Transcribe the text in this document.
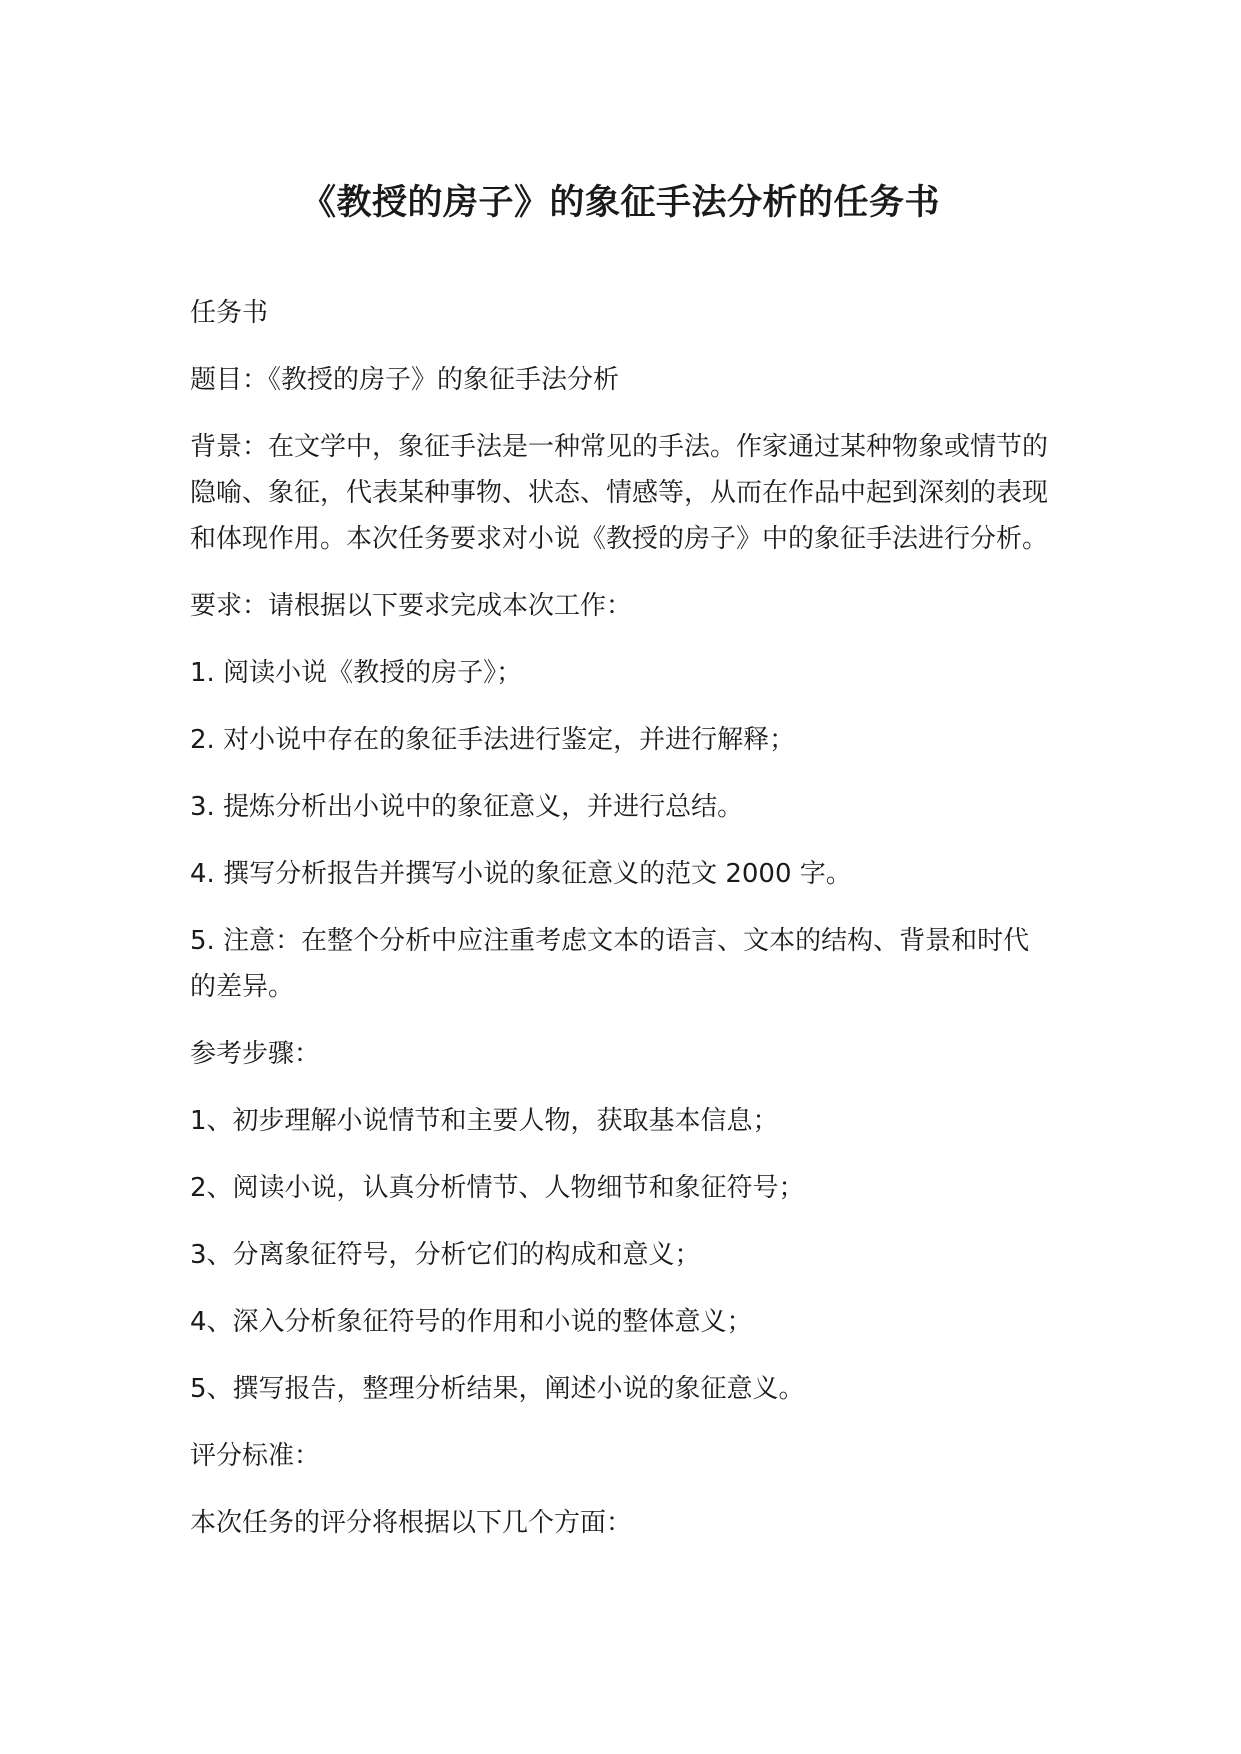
《教授的房子》的象征手法分析的任务书

任务书

题目：《教授的房子》的象征手法分析

背景：在文学中，象征手法是一种常见的手法。作家通过某种物象或情节的隐喻、象征，代表某种事物、状态、情感等，从而在作品中起到深刻的表现和体现作用。本次任务要求对小说《教授的房子》中的象征手法进行分析。

要求：请根据以下要求完成本次工作：

1. 阅读小说《教授的房子》；

2. 对小说中存在的象征手法进行鉴定，并进行解释；

3. 提炼分析出小说中的象征意义，并进行总结。

4. 撰写分析报告并撰写小说的象征意义的范文 2000 字。

5. 注意：在整个分析中应注重考虑文本的语言、文本的结构、背景和时代的差异。

参考步骤：

1、初步理解小说情节和主要人物，获取基本信息；

2、阅读小说，认真分析情节、人物细节和象征符号；

3、分离象征符号，分析它们的构成和意义；

4、深入分析象征符号的作用和小说的整体意义；

5、撰写报告，整理分析结果，阐述小说的象征意义。

评分标准：

本次任务的评分将根据以下几个方面：
